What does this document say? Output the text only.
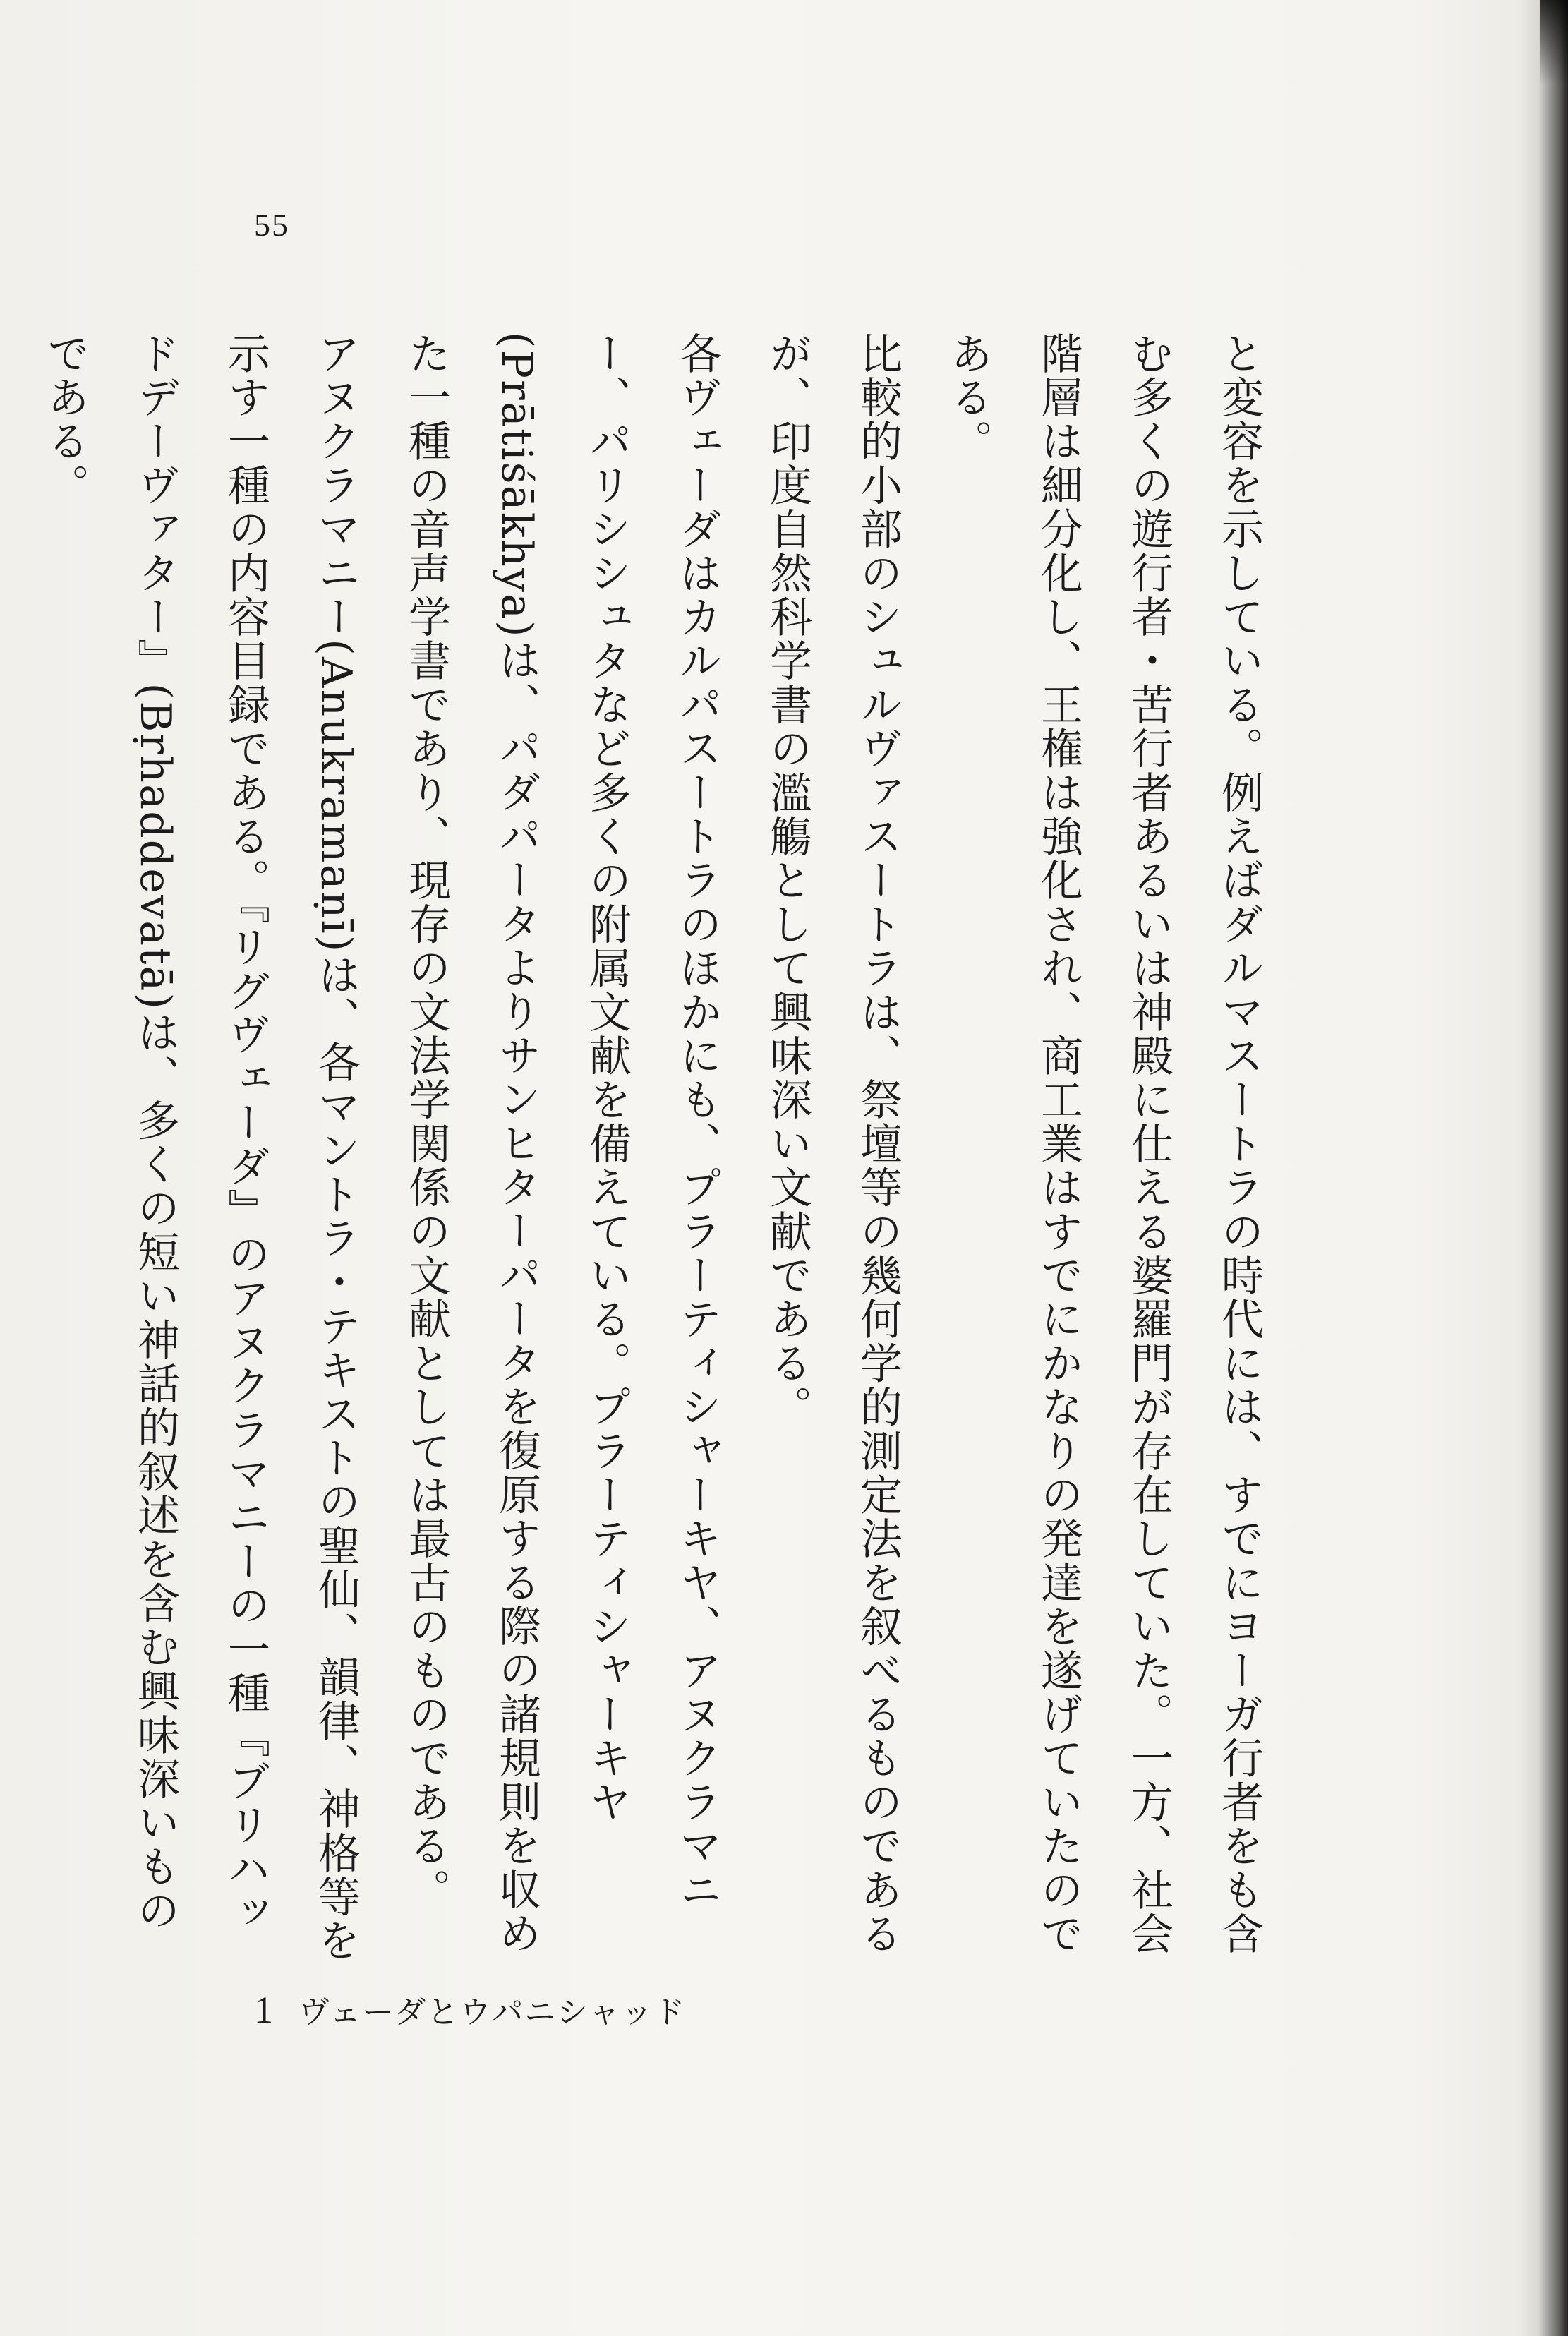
55

と変容を示している。例えばダルマスートラの時代には、すでにヨーガ行者をも含む多くの遊行者・苦行者あるいは神殿に仕える婆羅門が存在していた。一方、社会階層は細分化し、王権は強化され、商工業はすでにかなりの発達を遂げていたのである。

比較的小部のシュルヴァスートラは、祭壇等の幾何学的測定法を叙べるものであるが、印度自然科学書の濫觴として興味深い文献である。

各ヴェーダはカルパスートラのほかにも、プラーティシャーキヤ、アヌクラマニー、パリシシュタなど多くの附属文献を備えている。プラーティシャーキヤ(Prātiśākhya)は、パダパータよりサンヒターパータを復原する際の諸規則を収めた一種の音声学書であり、現存の文法学関係の文献としては最古のものである。

アヌクラマニー(Anukramaṇī)は、各マントラ・テキストの聖仙、韻律、神格等を示す一種の内容目録である。『リグヴェーダ』のアヌクラマニーの一種『ブリハッドデーヴァター』(Bṛhaddevatā)は、多くの短い神話的叙述を含む興味深いものである。

1 ヴェーダとウパニシャッド
